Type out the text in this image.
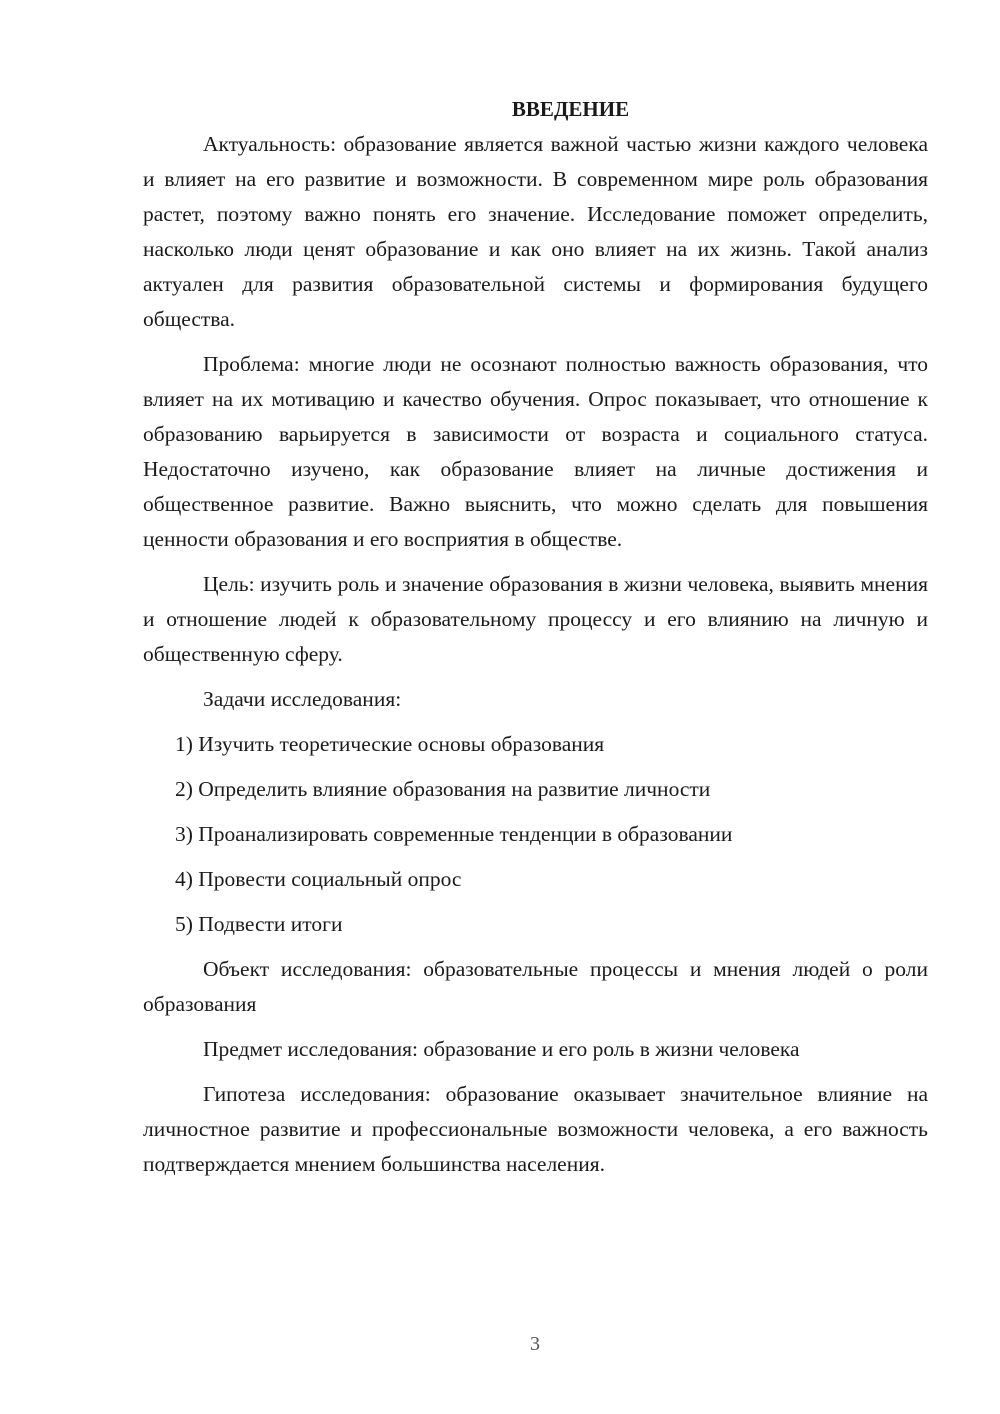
ВВЕДЕНИЕ

Актуальность: образование является важной частью жизни каждого человека и влияет на его развитие и возможности. В современном мире роль образования растет, поэтому важно понять его значение. Исследование поможет определить, насколько люди ценят образование и как оно влияет на их жизнь. Такой анализ актуален для развития образовательной системы и формирования будущего общества.

Проблема: многие люди не осознают полностью важность образования, что влияет на их мотивацию и качество обучения. Опрос показывает, что отношение к образованию варьируется в зависимости от возраста и социального статуса. Недостаточно изучено, как образование влияет на личные достижения и общественное развитие. Важно выяснить, что можно сделать для повышения ценности образования и его восприятия в обществе.

Цель: изучить роль и значение образования в жизни человека, выявить мнения и отношение людей к образовательному процессу и его влиянию на личную и общественную сферу.

Задачи исследования:

1) Изучить теоретические основы образования

2) Определить влияние образования на развитие личности

3) Проанализировать современные тенденции в образовании

4) Провести социальный опрос

5) Подвести итоги

Объект исследования: образовательные процессы и мнения людей о роли образования

Предмет исследования: образование и его роль в жизни человека

Гипотеза исследования: образование оказывает значительное влияние на личностное развитие и профессиональные возможности человека, а его важность подтверждается мнением большинства населения.

3
